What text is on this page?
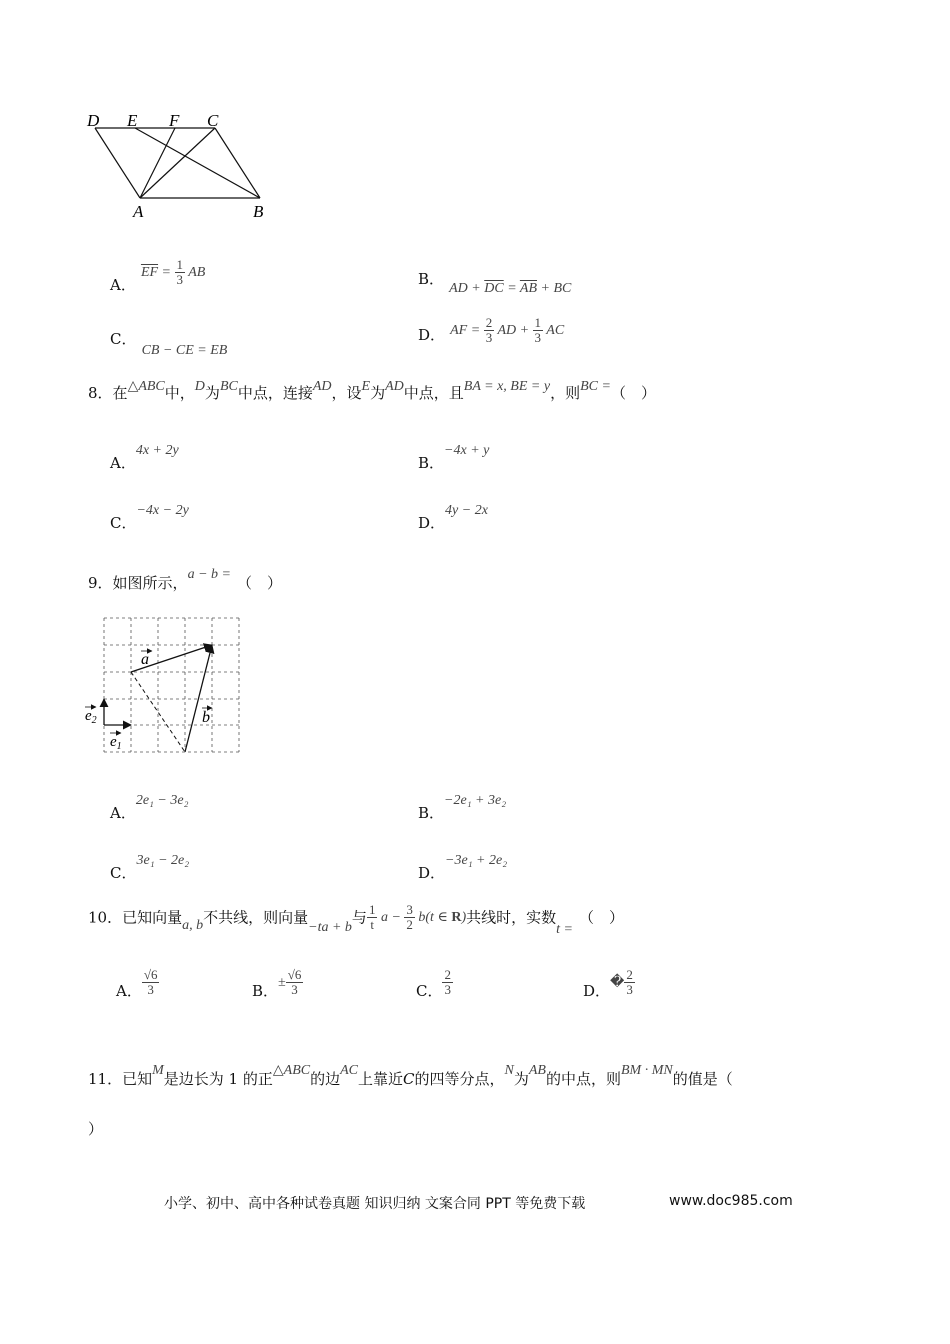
D E F C
A	B
A． $\overline{EF} = \frac{1}{3}$ AB	B． AD + $\overline{DC} = \overline{AB}$ + BC
C． CB − CE = EB
D． AF = $\frac{2}{3}$ AD + $\frac{1}{3}$ AC
8．在△ABC中，D为BC中点，连接AD，设E为AD中点，且BA = x, BE = y，则BC =（　）
A．4x + 2y
B．−4x + y
C．−4x − 2y
D．4y − 2x
9．如图所示，a − b = （　）
a
b
$e_1$
$e_2$
A．2e₁ − 3e₂
B．−2e₁ + 3e₂
C．3e₁ − 2e₂
D．−3e₁ + 2e₂
10．已知向量a, b不共线，则向量−ta + b与 $\frac{1}{t}$ $a - \frac{3}{2} b(t$ ∈ R)共线时，实数t =（　）
A． $\frac{√6}{3}$	B．± $\frac{√6}{3}$	C． $\frac{2}{3}$	D．� $\frac{2}{3}$
11．已知M是边长为 1 的正△ABC的边AC上靠近C的四等分点，N为AB的中点，则BM · MN的值是（
）
小学、初中、高中各种试卷真题 知识归纳 文案合同 PPT 等免费下载	www.doc985.com
